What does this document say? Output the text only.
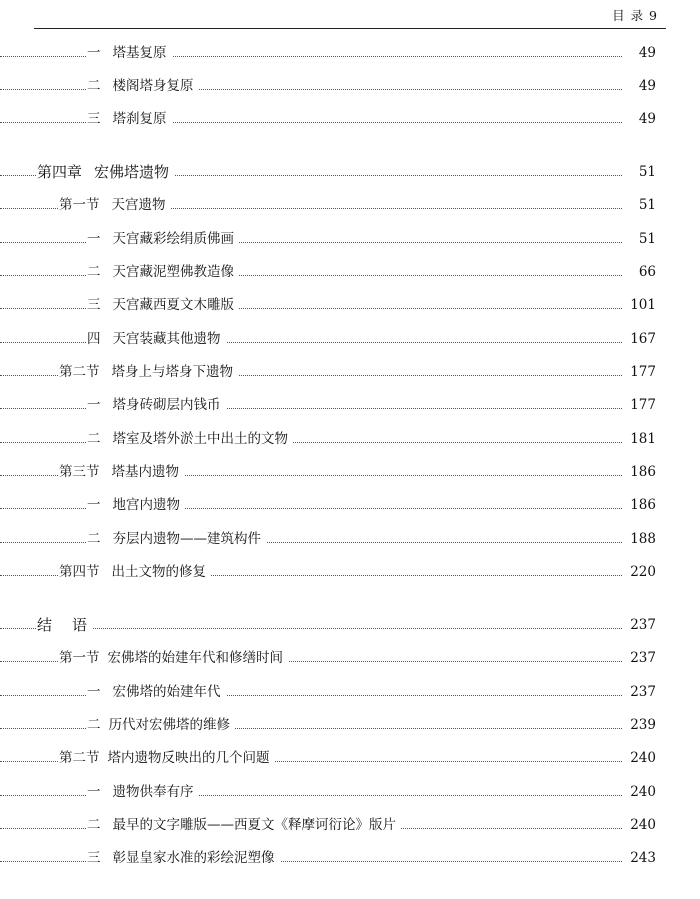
目 录 9
一 塔基复原	49
二 楼阁塔身复原	49
三 塔刹复原	49
第四章 宏佛塔遗物	51
第一节 天宫遗物	51
一 天宫藏彩绘绢质佛画	51
二 天宫藏泥塑佛教造像	66
三 天宫藏西夏文木雕版	101
四 天宫装藏其他遗物	167
第二节 塔身上与塔身下遗物	177
一 塔身砖砌层内钱币	177
二 塔室及塔外淤土中出土的文物	181
第三节 塔基内遗物	186
一 地宫内遗物	186
二 夯层内遗物——建筑构件	188
第四节 出土文物的修复	220
结 语	237
第一节 宏佛塔的始建年代和修缮时间	237
一 宏佛塔的始建年代	237
二 历代对宏佛塔的维修	239
第二节 塔内遗物反映出的几个问题	240
一 遗物供奉有序	240
二 最早的文字雕版——西夏文《释摩诃衍论》版片	240
三 彰显皇家水准的彩绘泥塑像	243
